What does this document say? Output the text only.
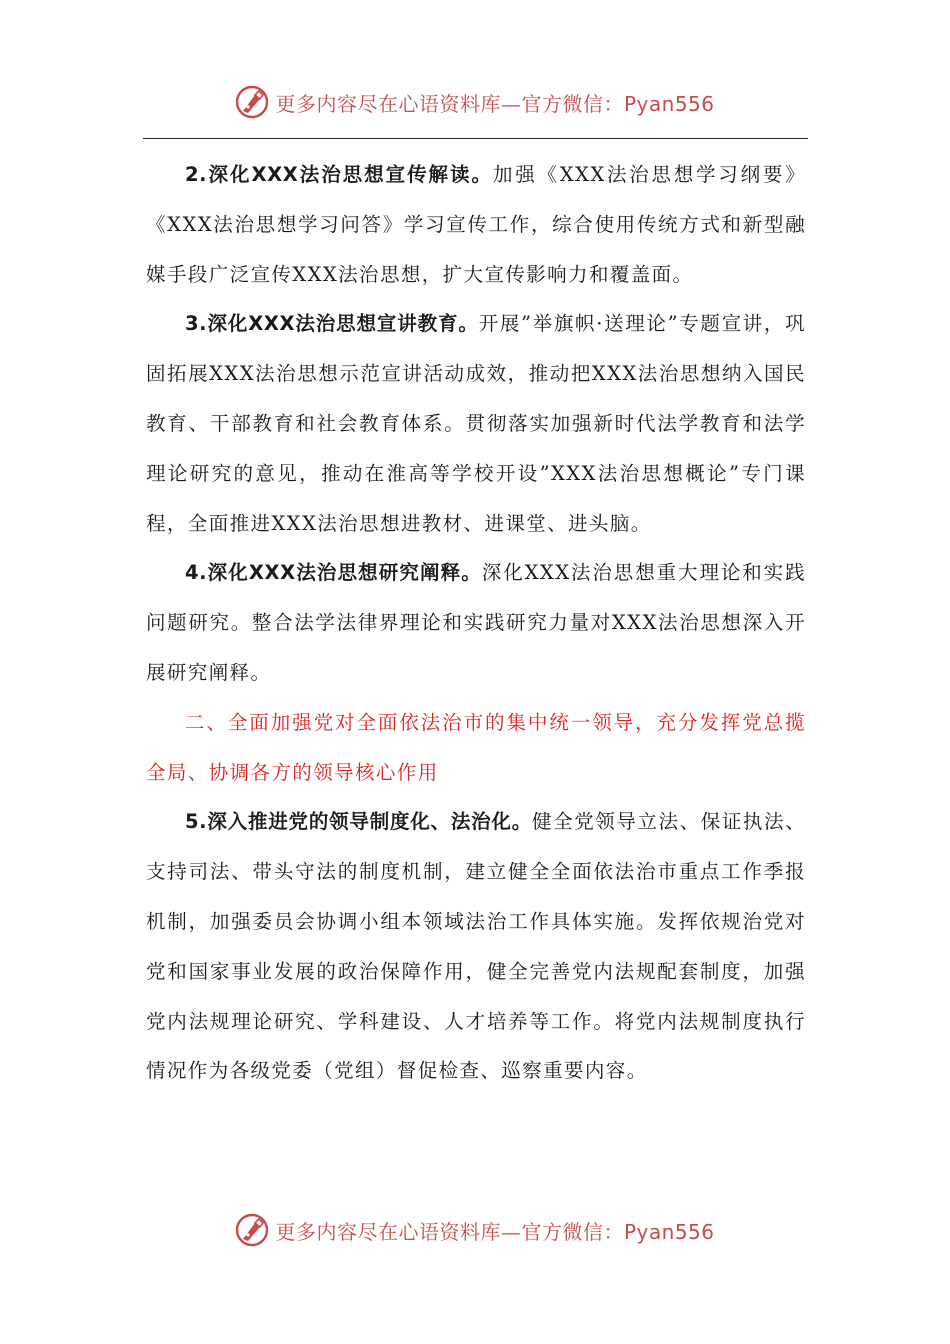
更多内容尽在心语资料库—官方微信：Pyan556

2.深化XXX法治思想宣传解读。加强《XXX法治思想学习纲要》《XXX法治思想学习问答》学习宣传工作，综合使用传统方式和新型融媒手段广泛宣传XXX法治思想，扩大宣传影响力和覆盖面。

3.深化XXX法治思想宣讲教育。开展”举旗帜·送理论”专题宣讲，巩固拓展XXX法治思想示范宣讲活动成效，推动把XXX法治思想纳入国民教育、干部教育和社会教育体系。贯彻落实加强新时代法学教育和法学理论研究的意见，推动在淮高等学校开设”XXX法治思想概论”专门课程，全面推进XXX法治思想进教材、进课堂、进头脑。

4.深化XXX法治思想研究阐释。深化XXX法治思想重大理论和实践问题研究。整合法学法律界理论和实践研究力量对XXX法治思想深入开展研究阐释。

二、全面加强党对全面依法治市的集中统一领导，充分发挥党总揽全局、协调各方的领导核心作用

5.深入推进党的领导制度化、法治化。健全党领导立法、保证执法、支持司法、带头守法的制度机制，建立健全全面依法治市重点工作季报机制，加强委员会协调小组本领域法治工作具体实施。发挥依规治党对党和国家事业发展的政治保障作用，健全完善党内法规配套制度，加强党内法规理论研究、学科建设、人才培养等工作。将党内法规制度执行情况作为各级党委（党组）督促检查、巡察重要内容。

更多内容尽在心语资料库—官方微信：Pyan556
